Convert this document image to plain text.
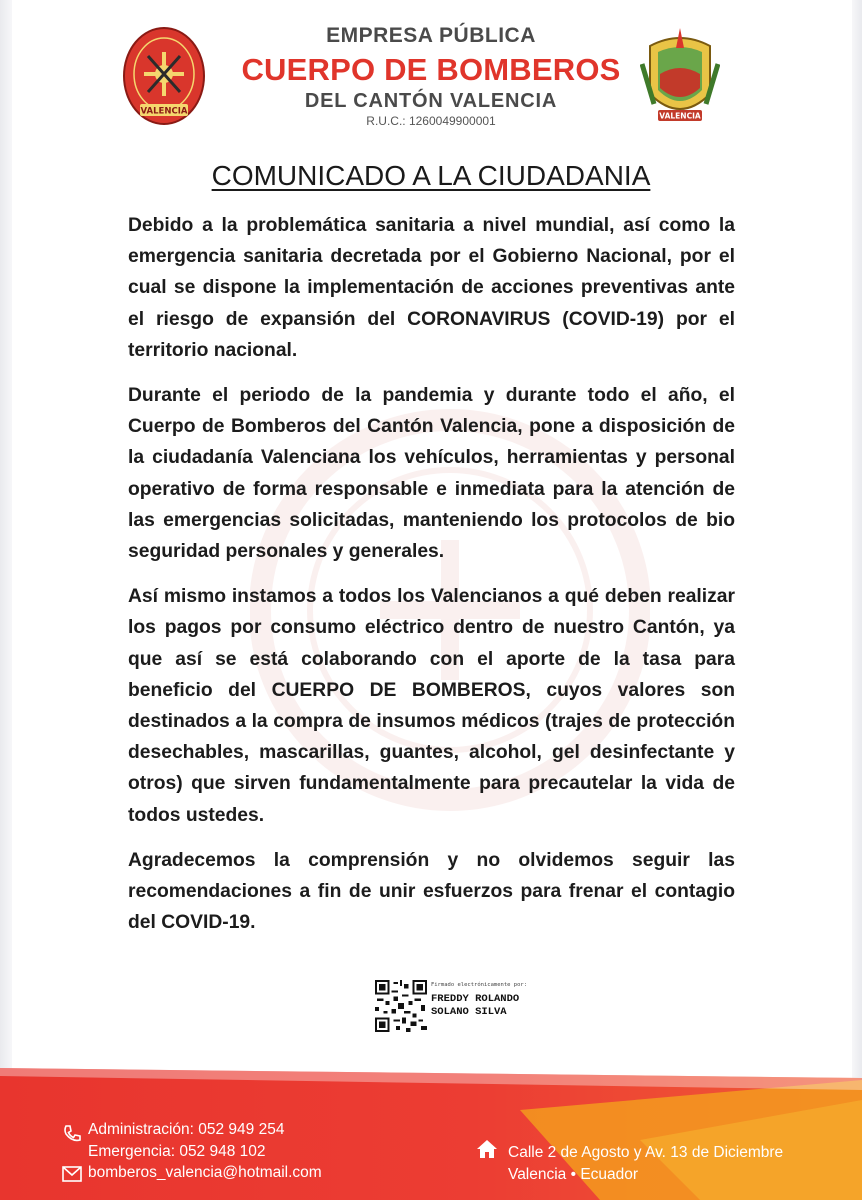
VALENCIA
EMPRESA PÚBLICA
CUERPO DE BOMBEROS
DEL CANTÓN VALENCIA
R.U.C.: 1260049900001	VALENCIA
COMUNICADO A LA CIUDADANIA

Debido a la problemática sanitaria a nivel mundial, así como la emergencia sanitaria decretada por el Gobierno Nacional, por el cual se dispone la implementación de acciones preventivas ante el riesgo de expansión del CORONAVIRUS (COVID-19) por el territorio nacional.

Durante el periodo de la pandemia y durante todo el año, el Cuerpo de Bomberos del Cantón Valencia, pone a disposición de la ciudadanía Valenciana los vehículos, herramientas y personal operativo de forma responsable e inmediata para la atención de las emergencias solicitadas, manteniendo los protocolos de bio seguridad personales y generales.

Así mismo instamos a todos los Valencianos a qué deben realizar los pagos por consumo eléctrico dentro de nuestro Cantón, ya que así se está colaborando con el aporte de la tasa para beneficio del CUERPO DE BOMBEROS, cuyos valores son destinados a la compra de insumos médicos (trajes de protección desechables, mascarillas, guantes, alcohol, gel desinfectante y otros) que sirven fundamentalmente para precautelar la vida de todos ustedes.

Agradecemos la comprensión y no olvidemos seguir las recomendaciones a fin de unir esfuerzos para frenar el contagio del COVID-19.

Firmado electrónicamente por:
FREDDY ROLANDO
SOLANO SILVA
Administración: 052 949 254
Emergencia: 052 948 102
bomberos_valencia@hotmail.com
Calle 2 de Agosto y Av. 13 de Diciembre
Valencia • Ecuador
